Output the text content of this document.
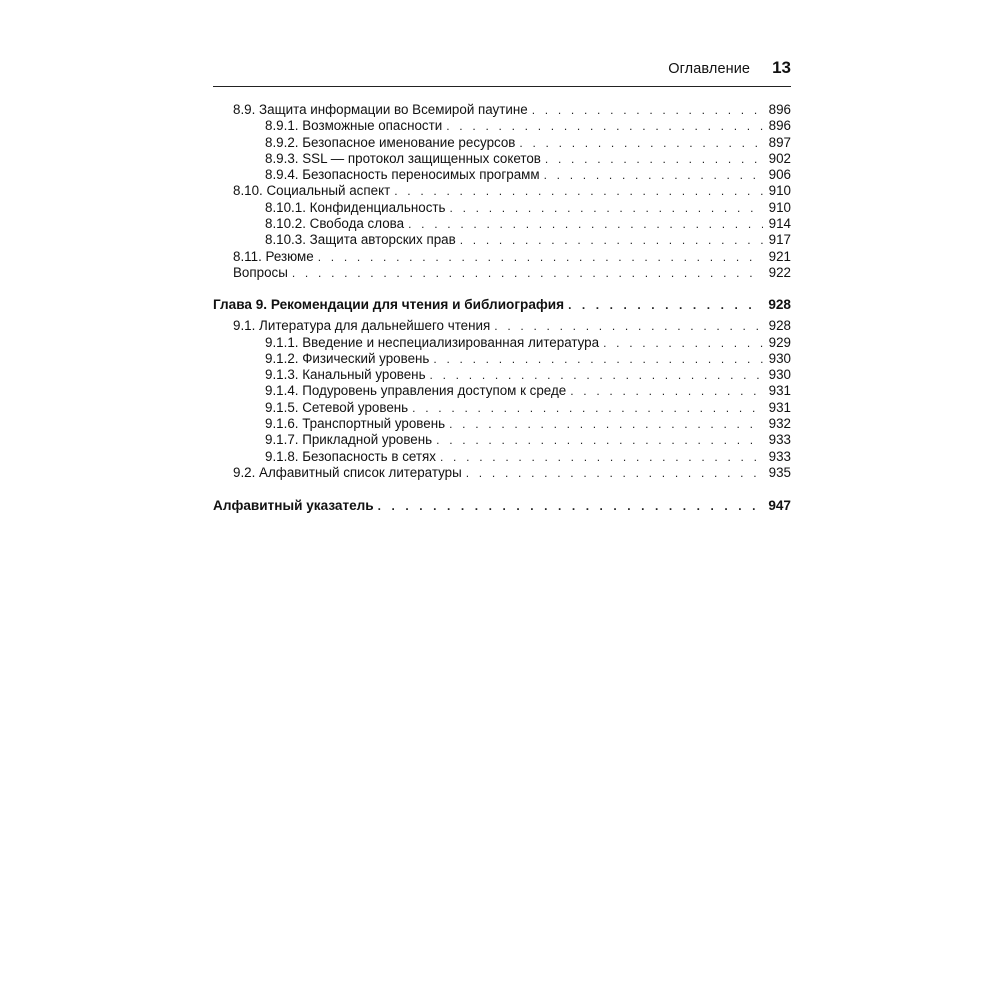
Оглавление 13
8.9. Защита информации во Всемирой паутине . . .	896
8.9.1. Возможные опасности . . .	896
8.9.2. Безопасное именование ресурсов . . .	897
8.9.3. SSL — протокол защищенных сокетов . . .	902
8.9.4. Безопасность переносимых программ . . .	906
8.10. Социальный аспект . . .	910
8.10.1. Конфиденциальность . . .	910
8.10.2. Свобода слова . . .	914
8.10.3. Защита авторских прав . . .	917
8.11. Резюме . . .	921
Вопросы . . .	922
Глава 9. Рекомендации для чтения и библиография . . .	928
9.1. Литература для дальнейшего чтения . . .	928
9.1.1. Введение и неспециализированная литература . . .	929
9.1.2. Физический уровень . . .	930
9.1.3. Канальный уровень . . .	930
9.1.4. Подуровень управления доступом к среде . . .	931
9.1.5. Сетевой уровень . . .	931
9.1.6. Транспортный уровень . . .	932
9.1.7. Прикладной уровень . . .	933
9.1.8. Безопасность в сетях . . .	933
9.2. Алфавитный список литературы . . .	935
Алфавитный указатель . . .	947
